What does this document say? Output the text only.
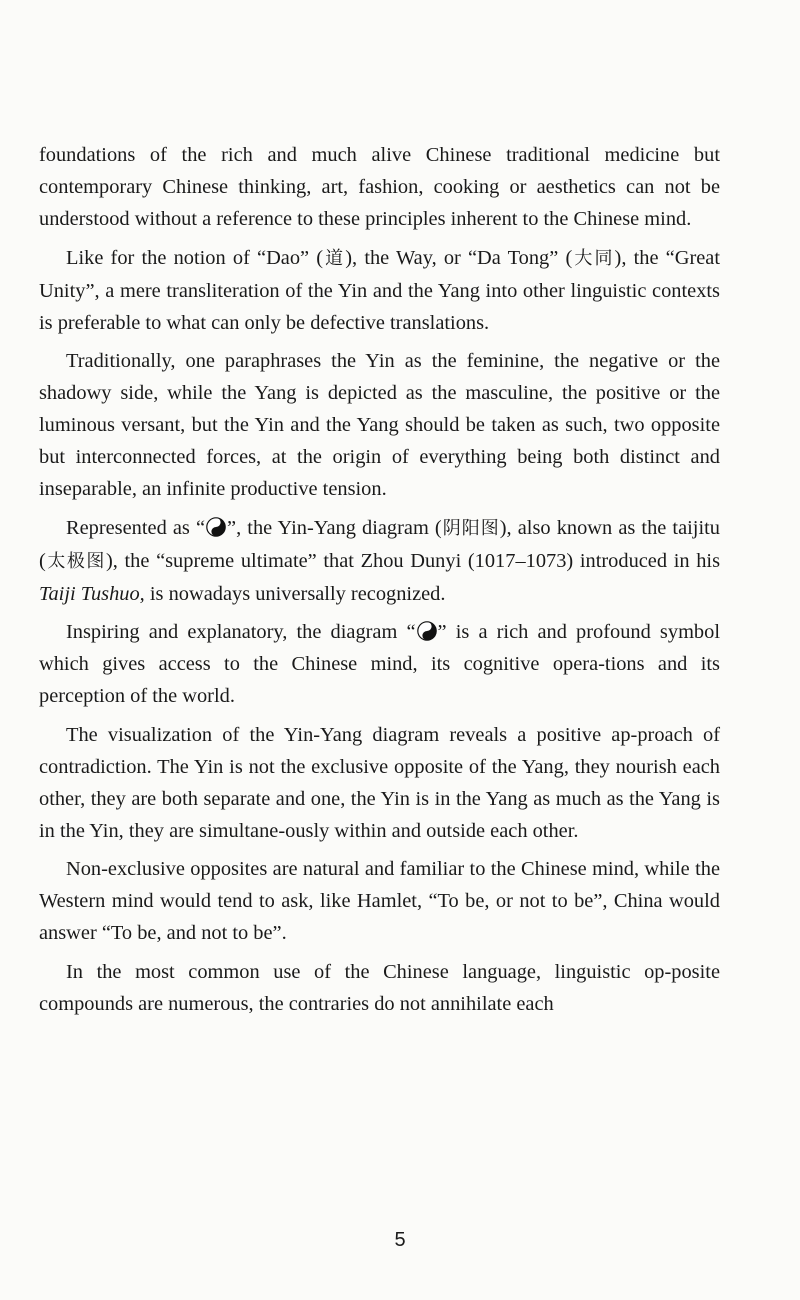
foundations of the rich and much alive Chinese traditional medicine but contemporary Chinese thinking, art, fashion, cooking or aesthetics can not be understood without a reference to these principles inherent to the Chinese mind.

Like for the notion of “Dao” (道), the Way, or “Da Tong” (大同), the “Great Unity”, a mere transliteration of the Yin and the Yang into other linguistic contexts is preferable to what can only be defective translations.

Traditionally, one paraphrases the Yin as the feminine, the negative or the shadowy side, while the Yang is depicted as the masculine, the positive or the luminous versant, but the Yin and the Yang should be taken as such, two opposite but interconnected forces, at the origin of everything being both distinct and inseparable, an infinite productive tension.

Represented as “ ”, the Yin-Yang diagram (阴阳图), also known as the taijitu (太极图), the “supreme ultimate” that Zhou Dunyi (1017–1073) introduced in his Taiji Tushuo, is nowadays universally recognized.

Inspiring and explanatory, the diagram “ ” is a rich and profound symbol which gives access to the Chinese mind, its cognitive opera-tions and its perception of the world.

The visualization of the Yin-Yang diagram reveals a positive ap-proach of contradiction. The Yin is not the exclusive opposite of the Yang, they nourish each other, they are both separate and one, the Yin is in the Yang as much as the Yang is in the Yin, they are simultane-ously within and outside each other.

Non-exclusive opposites are natural and familiar to the Chinese mind, while the Western mind would tend to ask, like Hamlet, “To be, or not to be”, China would answer “To be, and not to be”.

In the most common use of the Chinese language, linguistic op-posite compounds are numerous, the contraries do not annihilate each

5
